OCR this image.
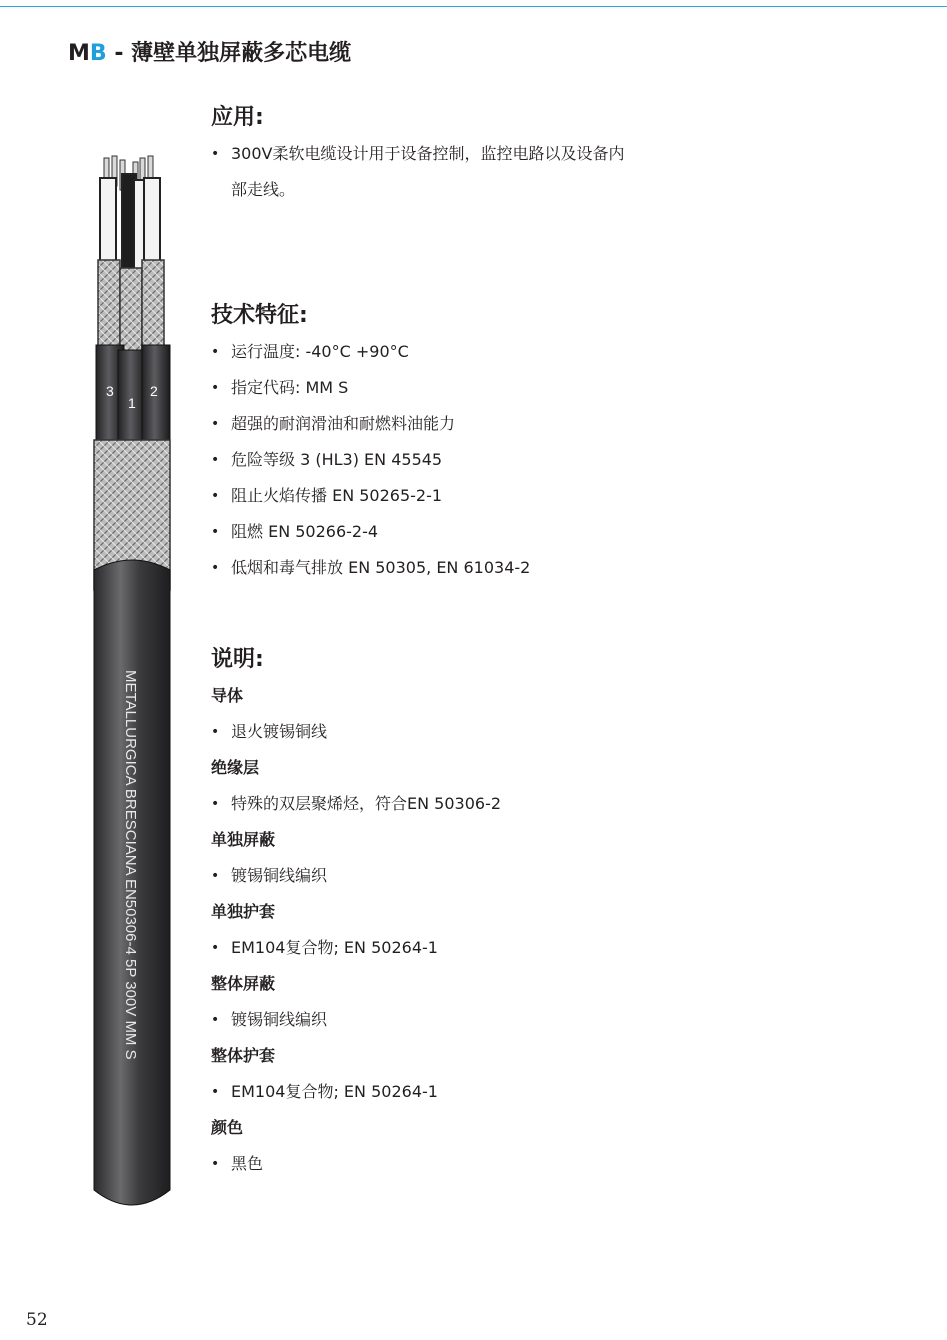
MB - 薄壁单独屏蔽多芯电缆
3
1
2
METALLURGICA BRESCIANA EN50306-4 5P 300V MM S
应用:
• 300V柔软电缆设计用于设备控制，监控电路以及设备内部走线。
技术特征:
• 运行温度: -40°C +90°C
• 指定代码: MM S
• 超强的耐润滑油和耐燃料油能力
• 危险等级 3 (HL3) EN 45545
• 阻止火焰传播 EN 50265-2-1
• 阻燃 EN 50266-2-4
• 低烟和毒气排放 EN 50305, EN 61034-2
说明:
导体
• 退火镀锡铜线
绝缘层
• 特殊的双层聚烯烃，符合EN 50306-2
单独屏蔽
• 镀锡铜线编织
单独护套
• EM104复合物; EN 50264-1
整体屏蔽
• 镀锡铜线编织
整体护套
• EM104复合物; EN 50264-1
颜色
• 黑色
52
